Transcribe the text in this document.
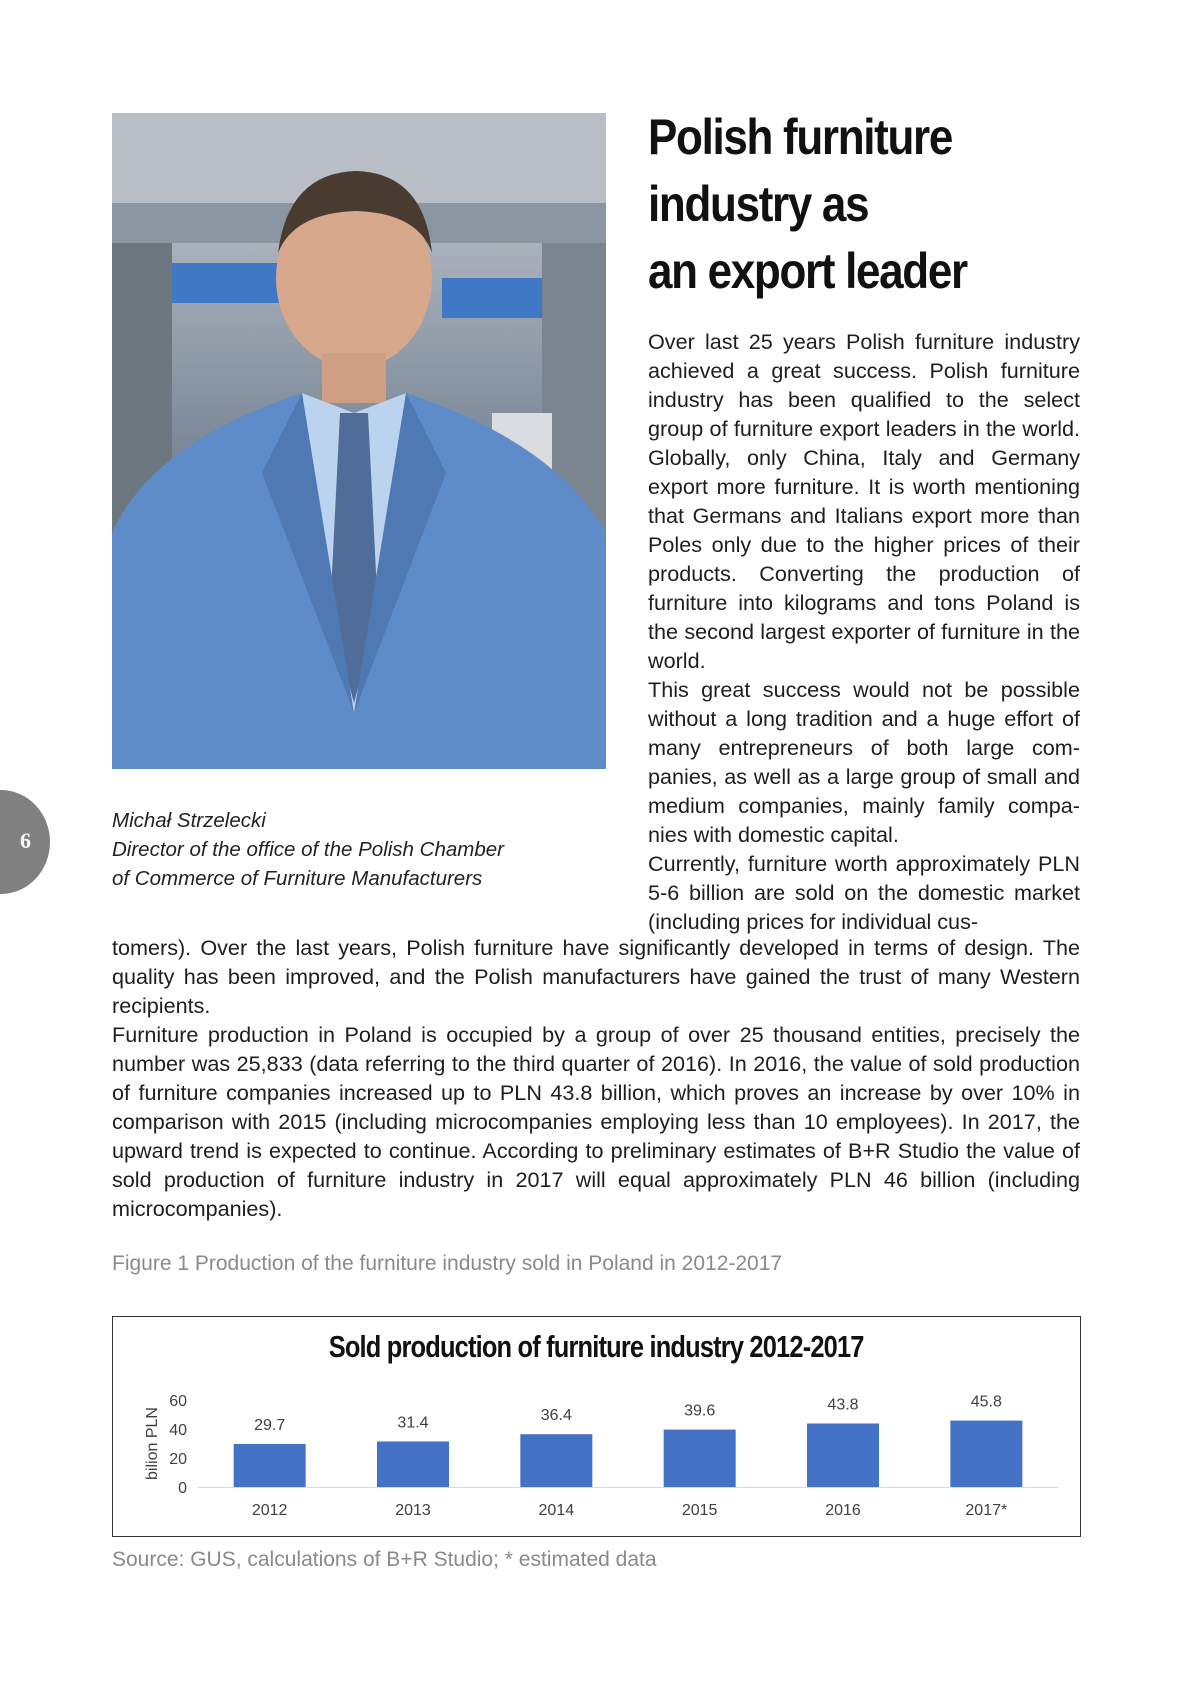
6
Michał Strzelecki
Director of the office of the Polish Chamber
of Commerce of Furniture Manufacturers
Polish furniture
industry as
an export leader

Over last 25 years Polish furniture industry achieved a great success. Polish furniture industry has been qualified to the select group of furniture export leaders in the world. Globally, only China, Italy and Germany export more furniture. It is worth mentioning that Germans and Italians export more than Poles only due to the higher prices of their products. Converting the production of furniture into kilograms and tons Poland is the second largest exporter of furniture in the world.

This great success would not be possible without a long tradition and a huge effort of many entrepreneurs of both large companies, as well as a large group of small and medium companies, mainly family companies with domestic capital.

Currently, furniture worth approximately PLN 5-6 billion are sold on the domestic market (including prices for individual cus-

tomers). Over the last years, Polish furniture have significantly developed in terms of design. The quality has been improved, and the Polish manufacturers have gained the trust of many Western recipients.

Furniture production in Poland is occupied by a group of over 25 thousand entities, precisely the number was 25,833 (data referring to the third quarter of 2016). In 2016, the value of sold production of furniture companies increased up to PLN 43.8 billion, which proves an increase by over 10% in comparison with 2015 (including microcompanies employing less than 10 employees). In 2017, the upward trend is expected to continue. According to preliminary estimates of B+R Studio the value of sold production of furniture industry in 2017 will equal approximately PLN 46 billion (including microcompanies).

Figure 1 Production of the furniture industry sold in Poland in 2012-2017
Sold production of furniture industry 2012-2017
0
20
40
60
bilion PLN	29.7
2012
31.4
2013
36.4
2014
39.6
2015
43.8
2016
45.8
2017*
Source: GUS, calculations of B+R Studio; * estimated data
